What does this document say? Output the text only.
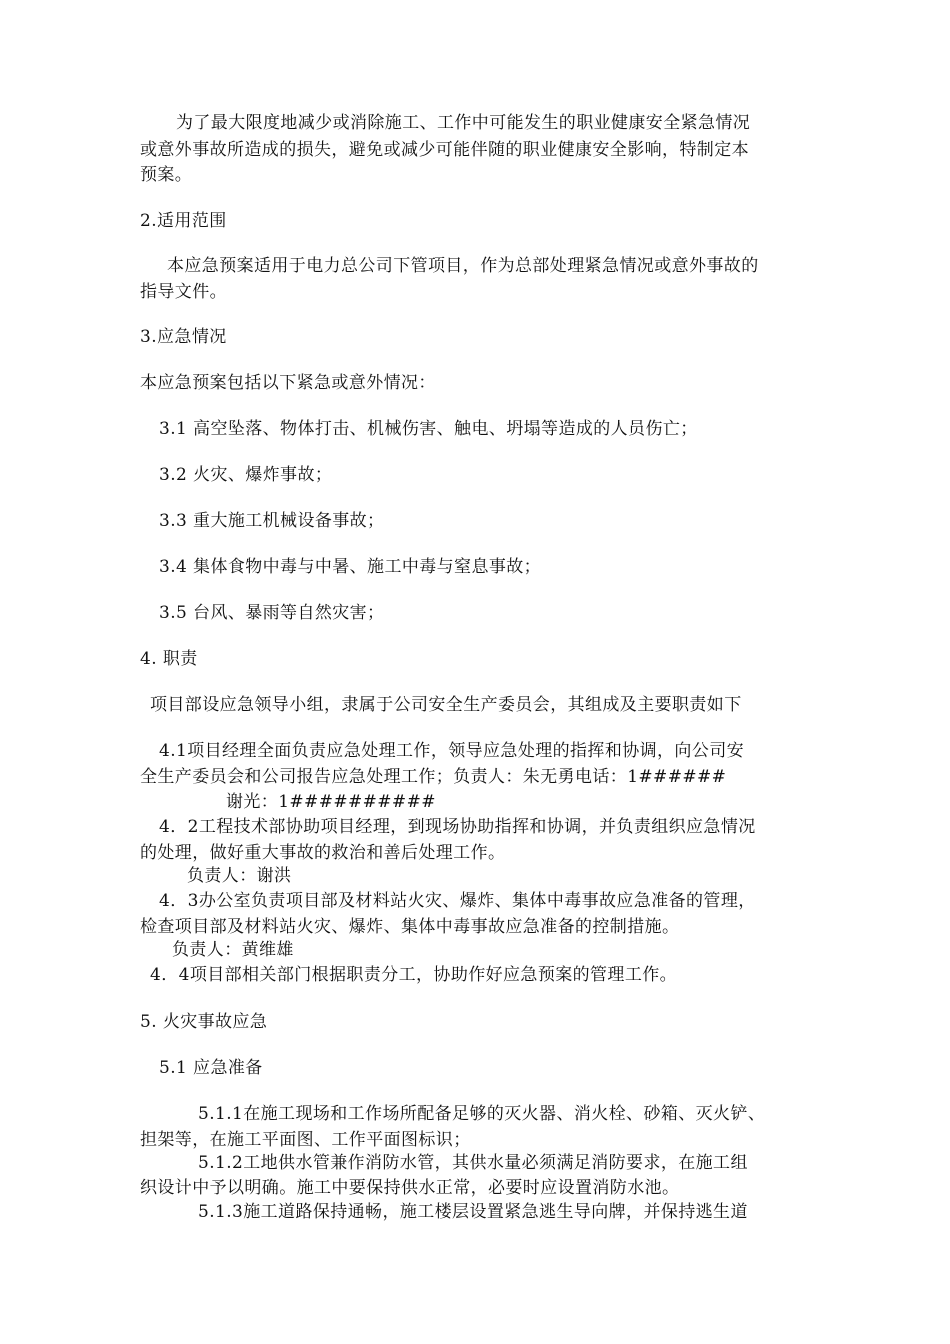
为了最大限度地减少或消除施工、工作中可能发生的职业健康安全紧急情况
或意外事故所造成的损失，避免或减少可能伴随的职业健康安全影响，特制定本
预案。
2.适用范围
本应急预案适用于电力总公司下管项目，作为总部处理紧急情况或意外事故的
指导文件。
3.应急情况
本应急预案包括以下紧急或意外情况：
3.1 高空坠落、物体打击、机械伤害、触电、坍塌等造成的人员伤亡；
3.2 火灾、爆炸事故；
3.3 重大施工机械设备事故；
3.4 集体食物中毒与中暑、施工中毒与窒息事故；
3.5 台风、暴雨等自然灾害；
4. 职责
项目部设应急领导小组，隶属于公司安全生产委员会，其组成及主要职责如下
4.1项目经理全面负责应急处理工作，领导应急处理的指挥和协调，向公司安
全生产委员会和公司报告应急处理工作；负责人：朱无勇电话：1######
谢光：1##########
4．2工程技术部协助项目经理，到现场协助指挥和协调，并负责组织应急情况
的处理，做好重大事故的救治和善后处理工作。
负责人：谢洪
4．3办公室负责项目部及材料站火灾、爆炸、集体中毒事故应急准备的管理，
检查项目部及材料站火灾、爆炸、集体中毒事故应急准备的控制措施。
负责人：黄维雄
4．4项目部相关部门根据职责分工，协助作好应急预案的管理工作。
5. 火灾事故应急
5.1 应急准备
5.1.1在施工现场和工作场所配备足够的灭火器、消火栓、砂箱、灭火铲、
担架等，在施工平面图、工作平面图标识；
5.1.2工地供水管兼作消防水管，其供水量必须满足消防要求，在施工组
织设计中予以明确。施工中要保持供水正常，必要时应设置消防水池。
5.1.3施工道路保持通畅，施工楼层设置紧急逃生导向牌，并保持逃生道
